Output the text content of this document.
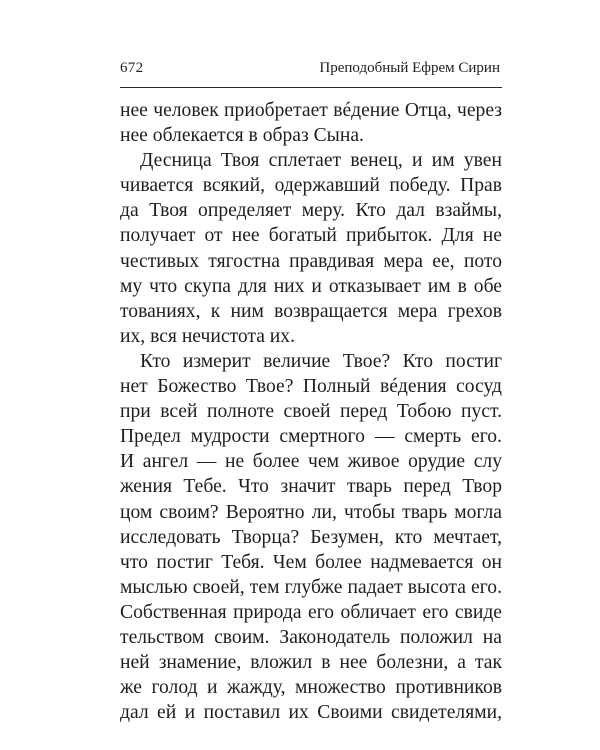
672	Преподобный Ефрем Сирин
нее человек приобретает вéдение Отца, через
нее облекается в образ Сына.
Десница Твоя сплетает венец, и им увен
чивается всякий, одержавший победу. Прав
да Твоя определяет меру. Кто дал взаймы,
получает от нее богатый прибыток. Для не
честивых тягостна правдивая мера ее, пото
му что скупа для них и отказывает им в обе
тованиях, к ним возвращается мера грехов
их, вся нечистота их.
Кто измерит величие Твое? Кто постиг
нет Божество Твое? Полный вéдения сосуд
при всей полноте своей перед Тобою пуст.
Предел мудрости смертного — смерть его.
И ангел — не более чем живое орудие слу
жения Тебе. Что значит тварь перед Твор
цом своим? Вероятно ли, чтобы тварь могла
исследовать Творца? Безумен, кто мечтает,
что постиг Тебя. Чем более надмевается он
мыслью своей, тем глубже падает высота его.
Собственная природа его обличает его свиде
тельством своим. Законодатель положил на
ней знамение, вложил в нее болезни, а так
же голод и жажду, множество противников
дал ей и поставил их Своими свидетелями,
